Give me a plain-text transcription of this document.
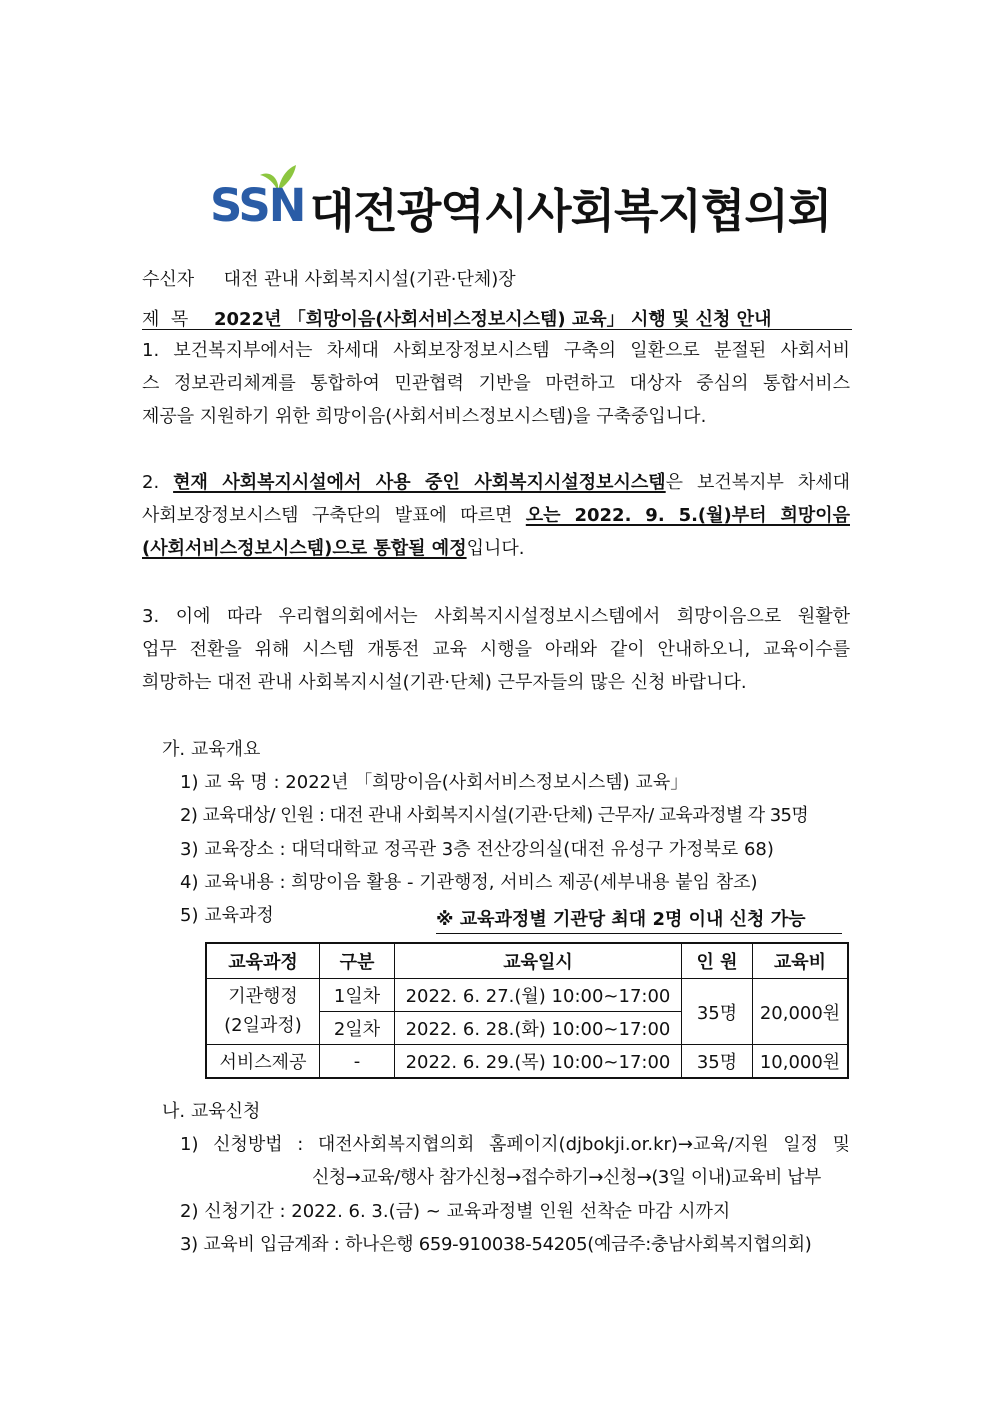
SSN 대전광역시사회복지협의회
수신자 대전 관내 사회복지시설(기관·단체)장
제  목 2022년 「희망이음(사회서비스정보시스템) 교육」 시행 및 신청 안내
1. 보건복지부에서는 차세대 사회보장정보시스템 구축의 일환으로 분절된 사회서비
스 정보관리체계를 통합하여 민관협력 기반을 마련하고 대상자 중심의 통합서비스
제공을 지원하기 위한 희망이음(사회서비스정보시스템)을 구축중입니다.
2. 현재 사회복지시설에서 사용 중인 사회복지시설정보시스템은 보건복지부 차세대
사회보장정보시스템 구축단의 발표에 따르면 오는 2022. 9. 5.(월)부터 희망이음
(사회서비스정보시스템)으로 통합될 예정입니다.
3. 이에 따라 우리협의회에서는 사회복지시설정보시스템에서 희망이음으로 원활한
업무 전환을 위해 시스템 개통전 교육 시행을 아래와 같이 안내하오니, 교육이수를
희망하는 대전 관내 사회복지시설(기관·단체) 근무자들의 많은 신청 바랍니다.
가. 교육개요
1) 교 육 명 : 2022년 「희망이음(사회서비스정보시스템) 교육」
2) 교육대상/ 인원 : 대전 관내 사회복지시설(기관·단체) 근무자/ 교육과정별 각 35명
3) 교육장소 : 대덕대학교 정곡관 3층 전산강의실(대전 유성구 가정북로 68)
4) 교육내용 : 희망이음 활용 - 기관행정, 서비스 제공(세부내용 붙임 참조)
5) 교육과정	※ 교육과정별 기관당 최대 2명 이내 신청 가능
교육과정	구분	교육일시	인 원	교육비

기관행정
(2일과정)	1일차	2022. 6. 27.(월) 10:00~17:00	35명	20,000원
	2일차	2022. 6. 28.(화) 10:00~17:00		
서비스제공	-	2022. 6. 29.(목) 10:00~17:00	35명	10,000원
나. 교육신청
1) 신청방법 : 대전사회복지협의회 홈페이지(djbokji.or.kr)→교육/지원 일정 및
신청→교육/행사 참가신청→접수하기→신청→(3일 이내)교육비 납부
2) 신청기간 : 2022. 6. 3.(금) ~ 교육과정별 인원 선착순 마감 시까지
3) 교육비 입금계좌 : 하나은행 659-910038-54205(예금주:충남사회복지협의회)
